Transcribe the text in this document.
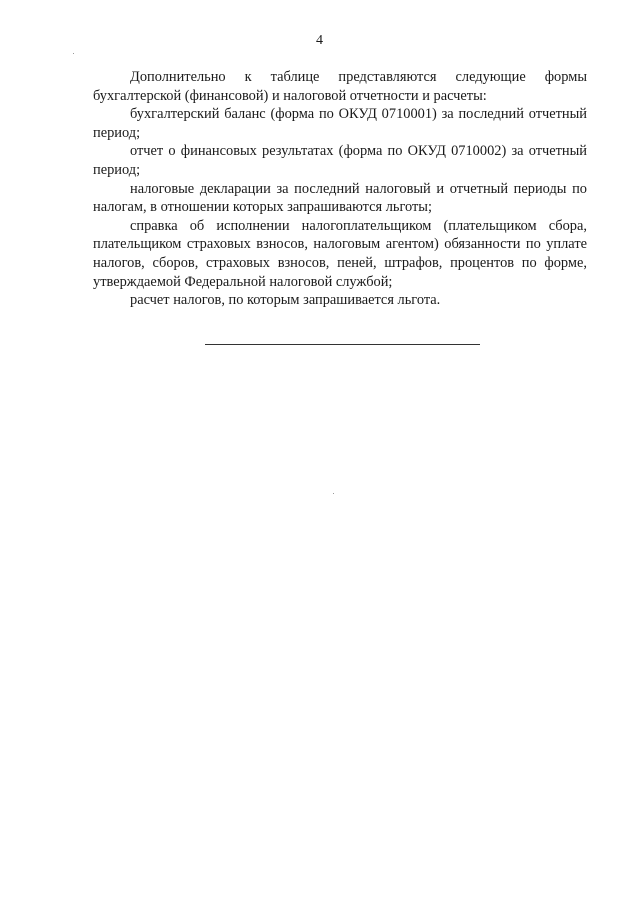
4

Дополнительно к таблице представляются следующие формы бухгалтерской (финансовой) и налоговой отчетности и расчеты:

бухгалтерский баланс (форма по ОКУД 0710001) за последний отчетный период;

отчет о финансовых результатах (форма по ОКУД 0710002) за отчетный период;

налоговые декларации за последний налоговый и отчетный периоды по налогам, в отношении которых запрашиваются льготы;

справка об исполнении налогоплательщиком (плательщиком сбора, плательщиком страховых взносов, налоговым агентом) обязанности по уплате налогов, сборов, страховых взносов, пеней, штрафов, процентов по форме, утверждаемой Федеральной налоговой службой;

расчет налогов, по которым запрашивается льгота.
